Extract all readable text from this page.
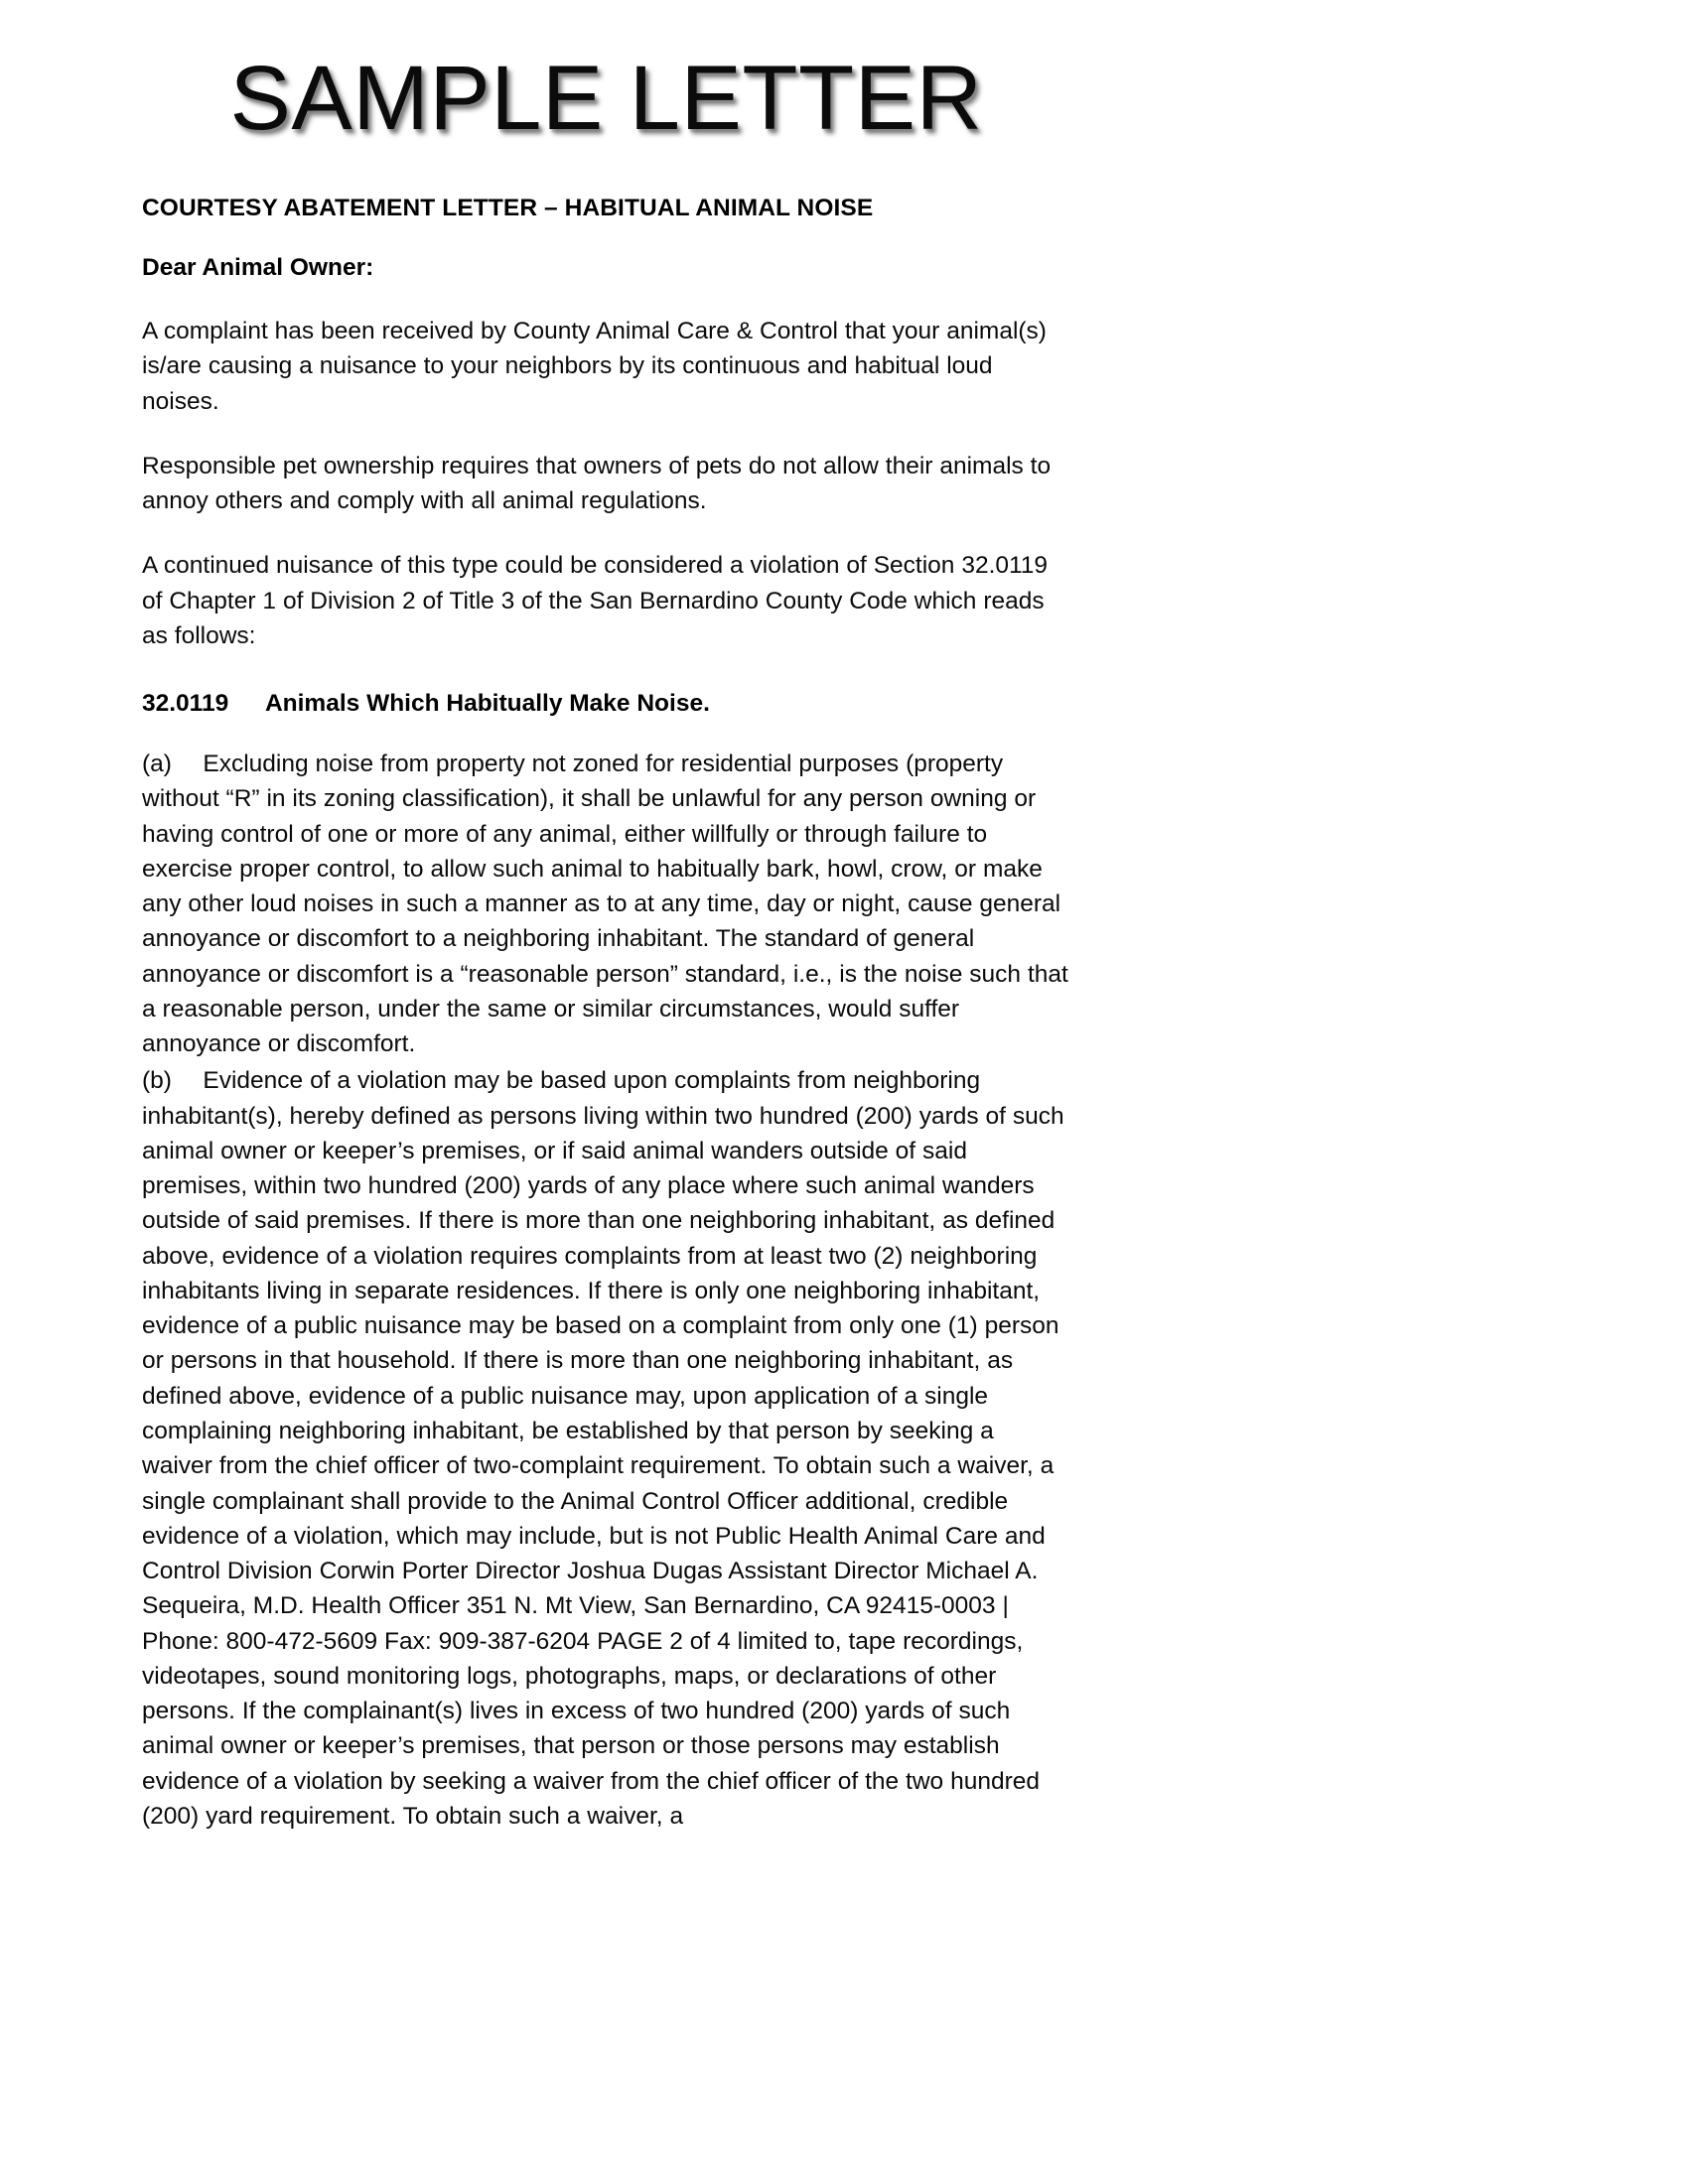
SAMPLE LETTER
COURTESY ABATEMENT LETTER – HABITUAL ANIMAL NOISE

Dear Animal Owner:

A complaint has been received by County Animal Care & Control that your animal(s) is/are causing a nuisance to your neighbors by its continuous and habitual loud noises.

Responsible pet ownership requires that owners of pets do not allow their animals to annoy others and comply with all animal regulations.

A continued nuisance of this type could be considered a violation of Section 32.0119 of Chapter 1 of Division 2 of Title 3 of the San Bernardino County Code which reads as follows:

32.0119   Animals Which Habitually Make Noise.

(a)   Excluding noise from property not zoned for residential purposes (property without “R” in its zoning classification), it shall be unlawful for any person owning or having control of one or more of any animal, either willfully or through failure to exercise proper control, to allow such animal to habitually bark, howl, crow, or make any other loud noises in such a manner as to at any time, day or night, cause general annoyance or discomfort to a neighboring inhabitant. The standard of general annoyance or discomfort is a “reasonable person” standard, i.e., is the noise such that a reasonable person, under the same or similar circumstances, would suffer annoyance or discomfort.

(b)   Evidence of a violation may be based upon complaints from neighboring inhabitant(s), hereby defined as persons living within two hundred (200) yards of such animal owner or keeper’s premises, or if said animal wanders outside of said premises, within two hundred (200) yards of any place where such animal wanders outside of said premises. If there is more than one neighboring inhabitant, as defined above, evidence of a violation requires complaints from at least two (2) neighboring inhabitants living in separate residences. If there is only one neighboring inhabitant, evidence of a public nuisance may be based on a complaint from only one (1) person or persons in that household. If there is more than one neighboring inhabitant, as defined above, evidence of a public nuisance may, upon application of a single complaining neighboring inhabitant, be established by that person by seeking a waiver from the chief officer of two-complaint requirement. To obtain such a waiver, a single complainant shall provide to the Animal Control Officer additional, credible evidence of a violation, which may include, but is not Public Health Animal Care and Control Division Corwin Porter Director Joshua Dugas Assistant Director Michael A. Sequeira, M.D. Health Officer 351 N. Mt View, San Bernardino, CA 92415-0003 | Phone: 800-472-5609 Fax: 909-387-6204 PAGE 2 of 4 limited to, tape recordings, videotapes, sound monitoring logs, photographs, maps, or declarations of other persons. If the complainant(s) lives in excess of two hundred (200) yards of such animal owner or keeper’s premises, that person or those persons may establish evidence of a violation by seeking a waiver from the chief officer of the two hundred (200) yard requirement. To obtain such a waiver, a
